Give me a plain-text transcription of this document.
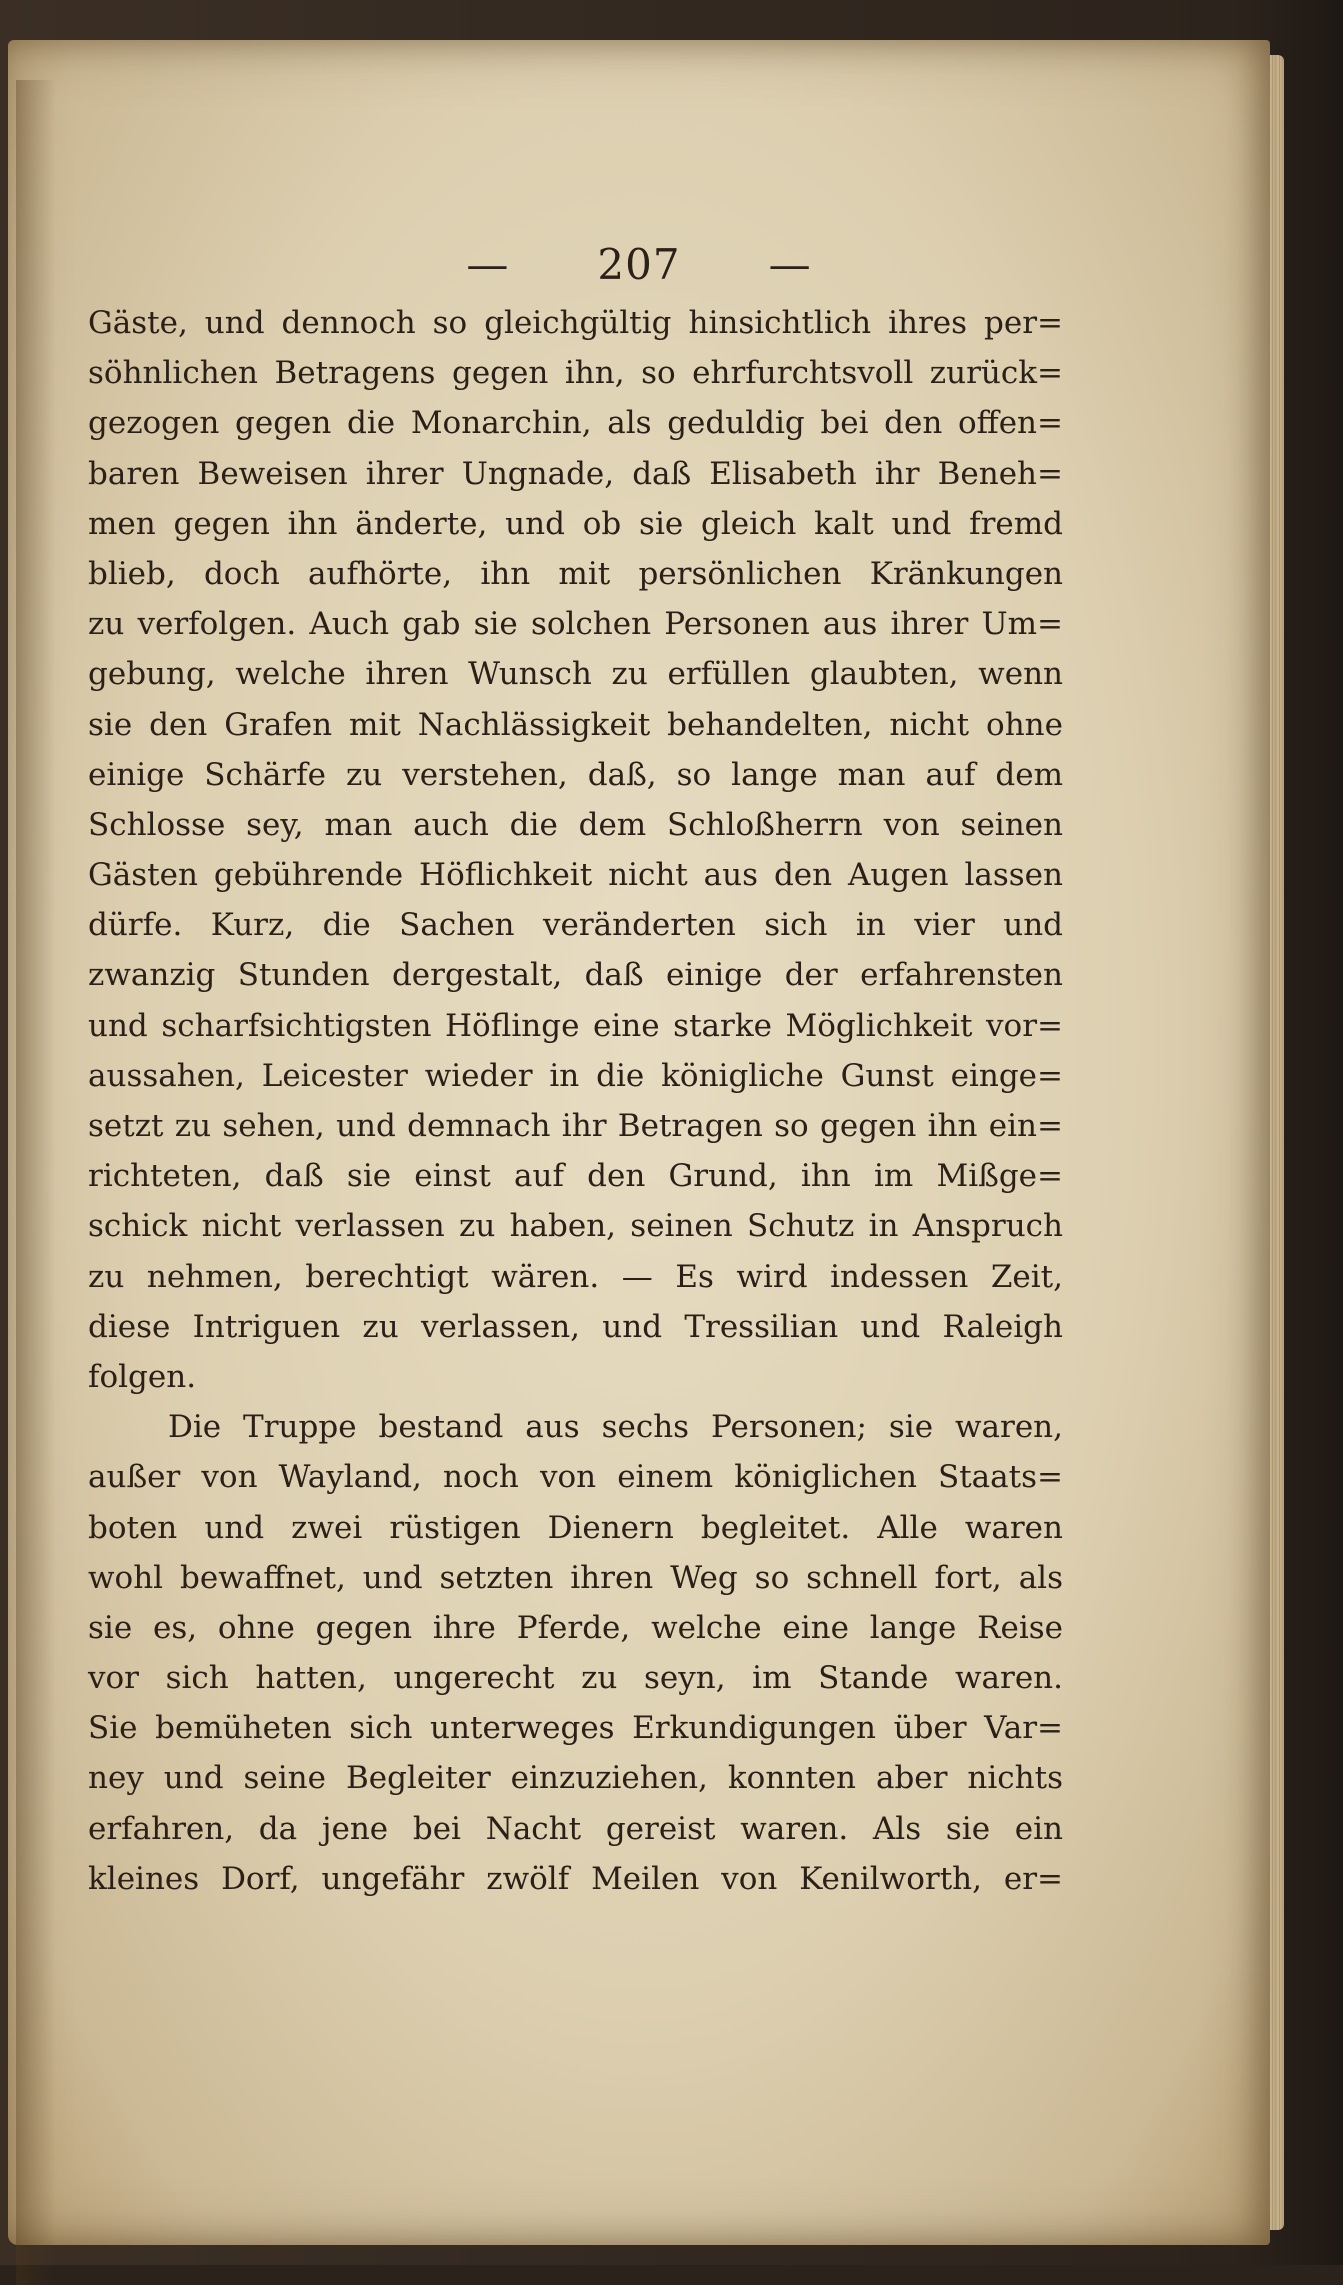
— 207 —
Gäste, und dennoch so gleichgültig hinsichtlich ihres per=
söhnlichen Betragens gegen ihn, so ehrfurchtsvoll zurück=
gezogen gegen die Monarchin, als geduldig bei den offen=
baren Beweisen ihrer Ungnade, daß Elisabeth ihr Beneh=
men gegen ihn änderte, und ob sie gleich kalt und fremd
blieb, doch aufhörte, ihn mit persönlichen Kränkungen
zu verfolgen. Auch gab sie solchen Personen aus ihrer Um=
gebung, welche ihren Wunsch zu erfüllen glaubten, wenn
sie den Grafen mit Nachlässigkeit behandelten, nicht ohne
einige Schärfe zu verstehen, daß, so lange man auf dem
Schlosse sey, man auch die dem Schloßherrn von seinen
Gästen gebührende Höflichkeit nicht aus den Augen lassen
dürfe. Kurz, die Sachen veränderten sich in vier und
zwanzig Stunden dergestalt, daß einige der erfahrensten
und scharfsichtigsten Höflinge eine starke Möglichkeit vor=
aussahen, Leicester wieder in die königliche Gunst einge=
setzt zu sehen, und demnach ihr Betragen so gegen ihn ein=
richteten, daß sie einst auf den Grund, ihn im Mißge=
schick nicht verlassen zu haben, seinen Schutz in Anspruch
zu nehmen, berechtigt wären. — Es wird indessen Zeit,
diese Intriguen zu verlassen, und Tressilian und Raleigh
folgen.
Die Truppe bestand aus sechs Personen; sie waren,
außer von Wayland, noch von einem königlichen Staats=
boten und zwei rüstigen Dienern begleitet. Alle waren
wohl bewaffnet, und setzten ihren Weg so schnell fort, als
sie es, ohne gegen ihre Pferde, welche eine lange Reise
vor sich hatten, ungerecht zu seyn, im Stande waren.
Sie bemüheten sich unterweges Erkundigungen über Var=
ney und seine Begleiter einzuziehen, konnten aber nichts
erfahren, da jene bei Nacht gereist waren. Als sie ein
kleines Dorf, ungefähr zwölf Meilen von Kenilworth, er=
